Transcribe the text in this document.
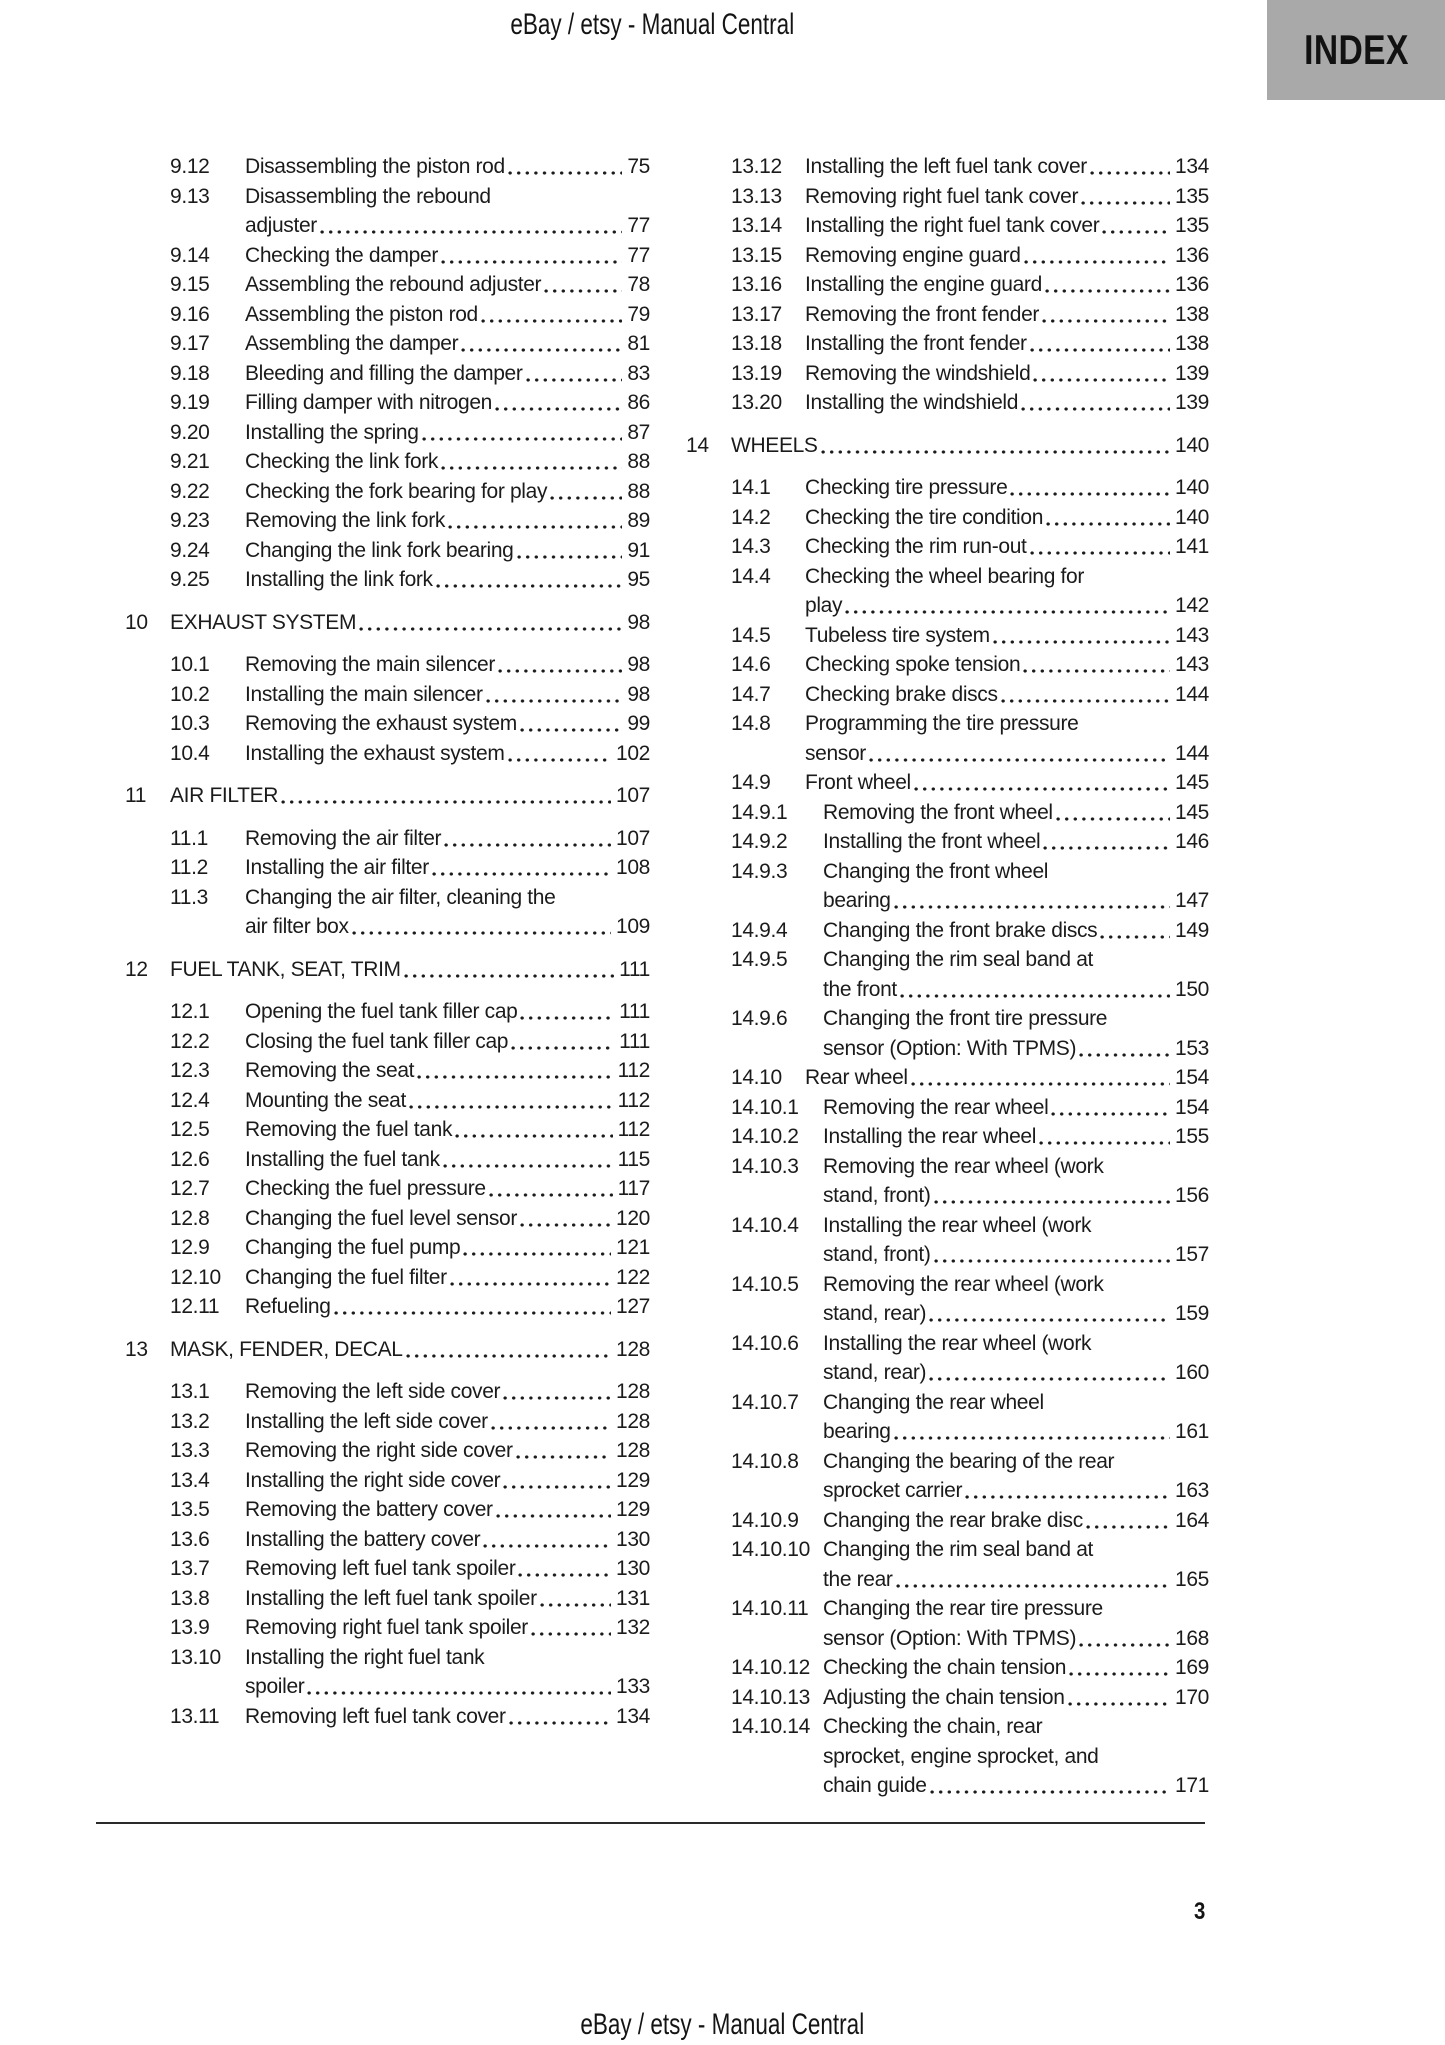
eBay / etsy - Manual Central
INDEX
9.12	Disassembling the piston rod	75
9.13	Disassembling the rebound
adjuster	77
9.14	Checking the damper	77
9.15	Assembling the rebound adjuster	78
9.16	Assembling the piston rod	79
9.17	Assembling the damper	81
9.18	Bleeding and filling the damper	83
9.19	Filling damper with nitrogen	86
9.20	Installing the spring	87
9.21	Checking the link fork	88
9.22	Checking the fork bearing for play	88
9.23	Removing the link fork	89
9.24	Changing the link fork bearing	91
9.25	Installing the link fork	95
10	EXHAUST SYSTEM	98
10.1	Removing the main silencer	98
10.2	Installing the main silencer	98
10.3	Removing the exhaust system	99
10.4	Installing the exhaust system	102
11	AIR FILTER	107
11.1	Removing the air filter	107
11.2	Installing the air filter	108
11.3	Changing the air filter, cleaning the
air filter box	109
12	FUEL TANK, SEAT, TRIM	111
12.1	Opening the fuel tank filler cap	111
12.2	Closing the fuel tank filler cap	111
12.3	Removing the seat	112
12.4	Mounting the seat	112
12.5	Removing the fuel tank	112
12.6	Installing the fuel tank	115
12.7	Checking the fuel pressure	117
12.8	Changing the fuel level sensor	120
12.9	Changing the fuel pump	121
12.10	Changing the fuel filter	122
12.11	Refueling	127
13	MASK, FENDER, DECAL	128
13.1	Removing the left side cover	128
13.2	Installing the left side cover	128
13.3	Removing the right side cover	128
13.4	Installing the right side cover	129
13.5	Removing the battery cover	129
13.6	Installing the battery cover	130
13.7	Removing left fuel tank spoiler	130
13.8	Installing the left fuel tank spoiler	131
13.9	Removing right fuel tank spoiler	132
13.10	Installing the right fuel tank
spoiler	133
13.11	Removing left fuel tank cover	134
13.12	Installing the left fuel tank cover	134
13.13	Removing right fuel tank cover	135
13.14	Installing the right fuel tank cover	135
13.15	Removing engine guard	136
13.16	Installing the engine guard	136
13.17	Removing the front fender	138
13.18	Installing the front fender	138
13.19	Removing the windshield	139
13.20	Installing the windshield	139
14	WHEELS	140
14.1	Checking tire pressure	140
14.2	Checking the tire condition	140
14.3	Checking the rim run-out	141
14.4	Checking the wheel bearing for
play	142
14.5	Tubeless tire system	143
14.6	Checking spoke tension	143
14.7	Checking brake discs	144
14.8	Programming the tire pressure
sensor	144
14.9	Front wheel	145
14.9.1	Removing the front wheel	145
14.9.2	Installing the front wheel	146
14.9.3	Changing the front wheel
bearing	147
14.9.4	Changing the front brake discs	149
14.9.5	Changing the rim seal band at
the front	150
14.9.6	Changing the front tire pressure
sensor (Option: With TPMS)	153
14.10	Rear wheel	154
14.10.1	Removing the rear wheel	154
14.10.2	Installing the rear wheel	155
14.10.3	Removing the rear wheel (work
stand, front)	156
14.10.4	Installing the rear wheel (work
stand, front)	157
14.10.5	Removing the rear wheel (work
stand, rear)	159
14.10.6	Installing the rear wheel (work
stand, rear)	160
14.10.7	Changing the rear wheel
bearing	161
14.10.8	Changing the bearing of the rear
sprocket carrier	163
14.10.9	Changing the rear brake disc	164
14.10.10 Changing the rim seal band at
the rear	165
14.10.11 Changing the rear tire pressure
sensor (Option: With TPMS)	168
14.10.12 Checking the chain tension	169
14.10.13 Adjusting the chain tension	170
14.10.14 Checking the chain, rear
sprocket, engine sprocket, and
chain guide	171
3
eBay / etsy - Manual Central
